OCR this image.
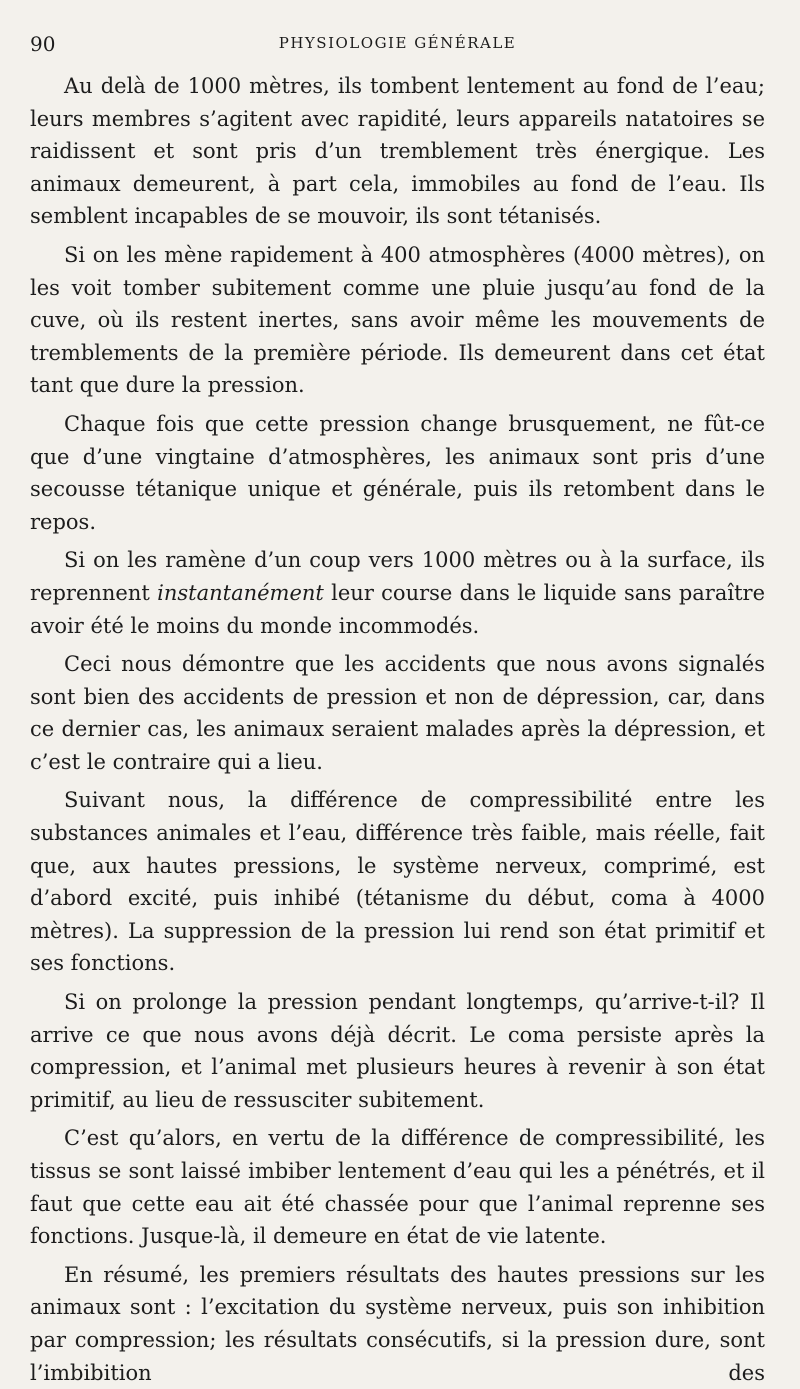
90	PHYSIOLOGIE GÉNÉRALE

Au delà de 1000 mètres, ils tombent lentement au fond de l’eau; leurs membres s’agitent avec rapidité, leurs appareils natatoires se raidissent et sont pris d’un tremblement très énergique. Les animaux demeurent, à part cela, immobiles au fond de l’eau. Ils semblent incapables de se mouvoir, ils sont tétanisés.

Si on les mène rapidement à 400 atmosphères (4000 mètres), on les voit tomber subitement comme une pluie jusqu’au fond de la cuve, où ils restent inertes, sans avoir même les mouvements de tremblements de la première période. Ils demeurent dans cet état tant que dure la pression.

Chaque fois que cette pression change brusquement, ne fût-ce que d’une vingtaine d’atmosphères, les animaux sont pris d’une secousse tétanique unique et générale, puis ils retombent dans le repos.

Si on les ramène d’un coup vers 1000 mètres ou à la surface, ils reprennent instantanément leur course dans le liquide sans paraître avoir été le moins du monde incommodés.

Ceci nous démontre que les accidents que nous avons signalés sont bien des accidents de pression et non de dépression, car, dans ce dernier cas, les animaux seraient malades après la dépression, et c’est le contraire qui a lieu.

Suivant nous, la différence de compressibilité entre les substances animales et l’eau, différence très faible, mais réelle, fait que, aux hautes pressions, le système nerveux, comprimé, est d’abord excité, puis inhibé (tétanisme du début, coma à 4000 mètres). La suppression de la pression lui rend son état primitif et ses fonctions.

Si on prolonge la pression pendant longtemps, qu’arrive-t-il? Il arrive ce que nous avons déjà décrit. Le coma persiste après la compression, et l’animal met plusieurs heures à revenir à son état primitif, au lieu de ressusciter subitement.

C’est qu’alors, en vertu de la différence de compressibilité, les tissus se sont laissé imbiber lentement d’eau qui les a pénétrés, et il faut que cette eau ait été chassée pour que l’animal reprenne ses fonctions. Jusque-là, il demeure en état de vie latente.

En résumé, les premiers résultats des hautes pressions sur les animaux sont : l’excitation du système nerveux, puis son inhibition par compression; les résultats consécutifs, si la pression dure, sont l’imbibition des
